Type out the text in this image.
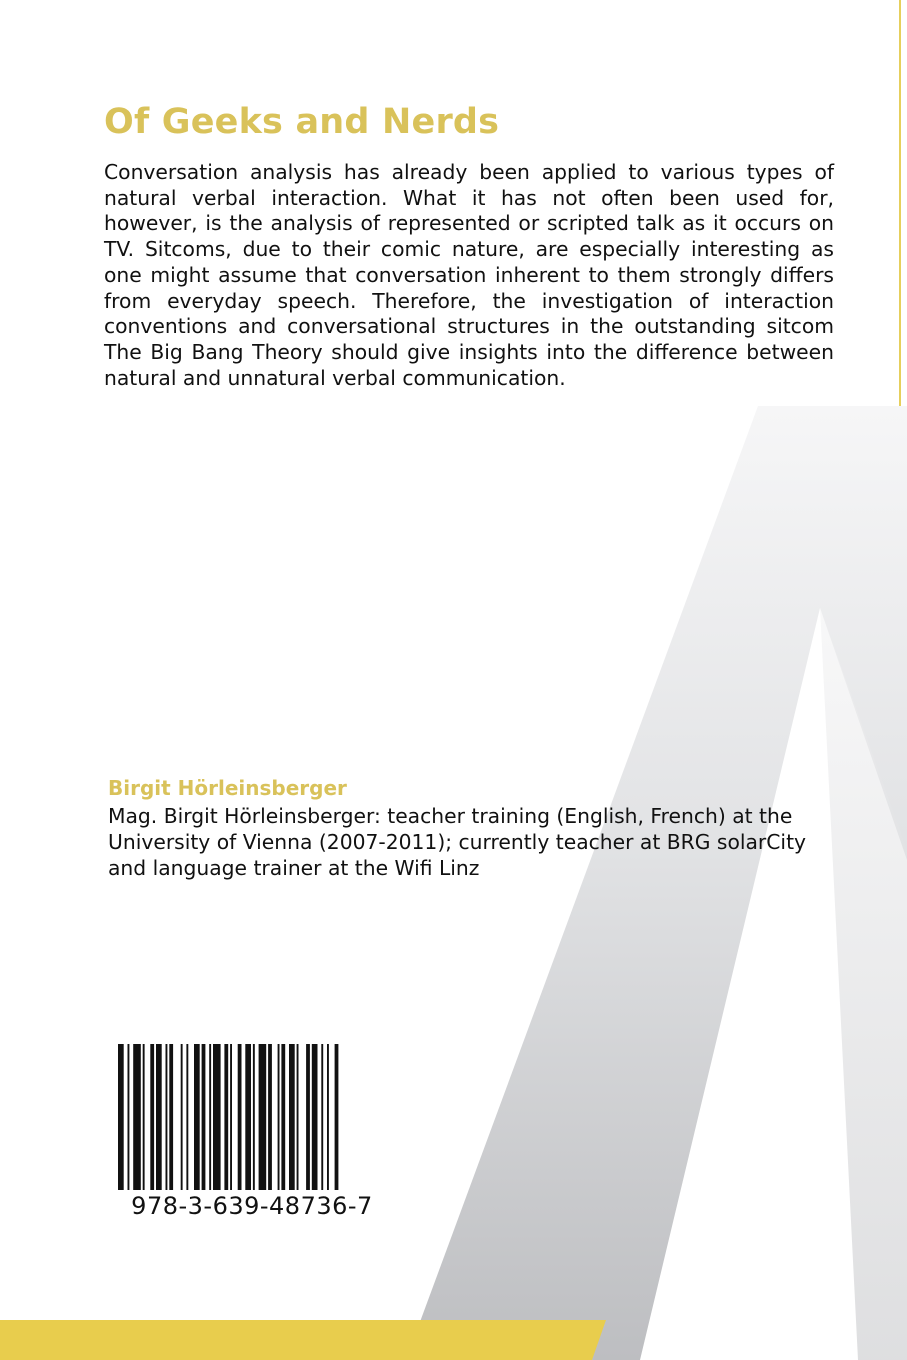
Of Geeks and Nerds

Conversation analysis has already been applied to various types of natural verbal interaction. What it has not often been used for, however, is the analysis of represented or scripted talk as it occurs on TV. Sitcoms, due to their comic nature, are especially interesting as one might assume that conversation inherent to them strongly differs from everyday speech. Therefore, the investigation of interaction conventions and conversational structures in the outstanding sitcom The Big Bang Theory should give insights into the difference between natural and unnatural verbal communication.

Birgit Hörleinsberger

Mag. Birgit Hörleinsberger: teacher training (English, French) at the University of Vienna (2007-2011); currently teacher at BRG solarCity and language trainer at the Wifi Linz

978-3-639-48736-7
